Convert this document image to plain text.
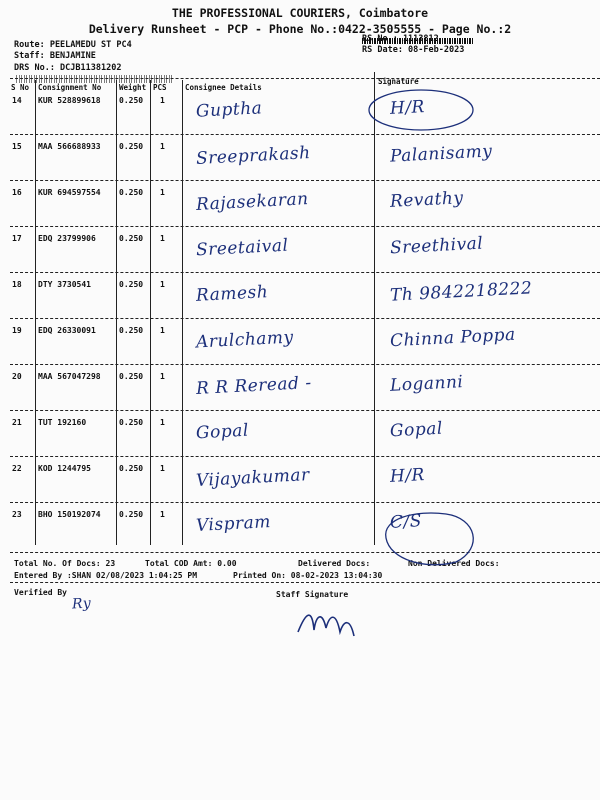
THE PROFESSIONAL COURIERS, Coimbatore
Delivery Runsheet - PCP - Phone No.:0422-3505555 - Page No.:2
Route: PEELAMEDU ST PC4
Staff: BENJAMINE
DRS No.: DCJB11381202
RS No.: 1113812
RS Date: 08-Feb-2023
S No Consignment No Weight PCS Consignee Details
Signature
14 KUR 528899618 0.250 1 Guptha	H/R
15 MAA 566688933 0.250 1 Sreeprakash	Palanisamy
16 KUR 694597554 0.250 1 Rajasekaran	Revathy
17 EDQ 23799906	0.250 1 Sreetaival	Sreethival
18 DTY 3730541	0.250 1 Ramesh	Th 9842218222
19 EDQ 26330091	0.250 1 Arulchamy	Chinna Poppa
20 MAA 567047298 0.250 1 R R Reread -	Loganni
21 TUT 192160	0.250 1 Gopal	Gopal
22 KOD 1244795	0.250 1 Vijayakumar	H/R
23 BHO 150192074 0.250 1 Vispram	C/S
Total No. Of Docs: 23	Total COD Amt: 0.00	Delivered Docs:	Non Delivered Docs:
Entered By :SHAN 02/08/2023 1:04:25 PM	Printed On: 08-02-2023 13:04:30
Verified By
Ry
Staff Signature
